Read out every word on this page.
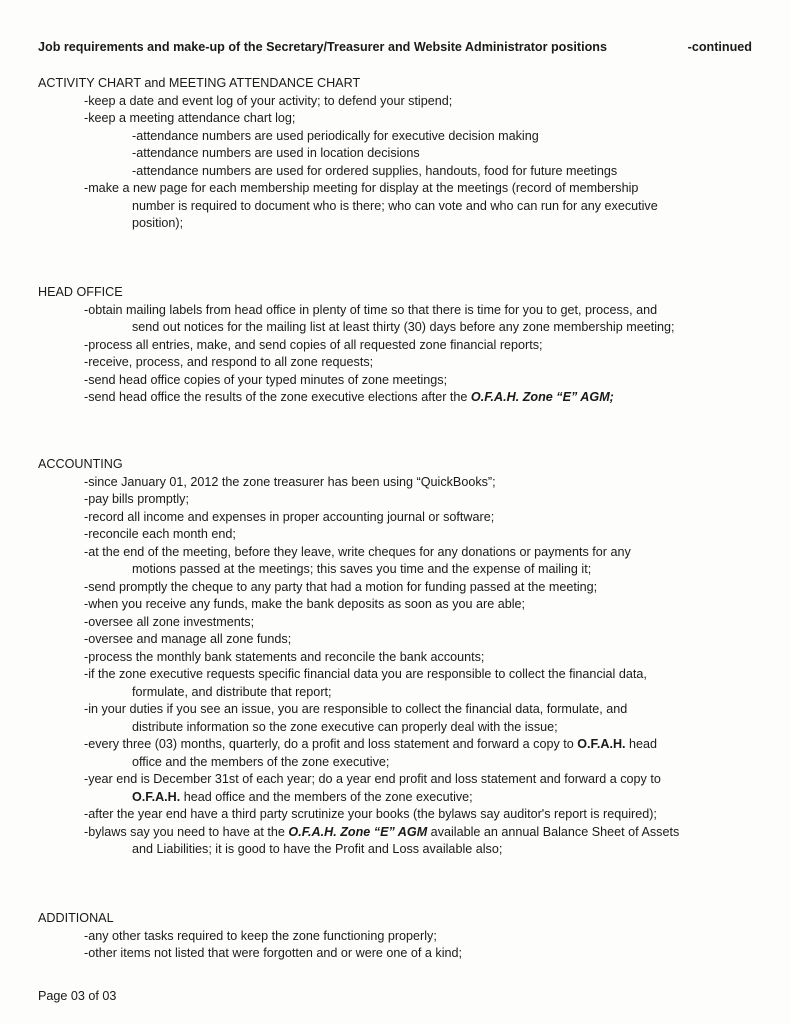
Job requirements and make-up of the Secretary/Treasurer and Website Administrator positions	-continued
ACTIVITY CHART and MEETING ATTENDANCE CHART
-keep a date and event log of your activity; to defend your stipend;
-keep a meeting attendance chart log;
-attendance numbers are used periodically for executive decision making
-attendance numbers are used in location decisions
-attendance numbers are used for ordered supplies, handouts, food for future meetings
-make a new page for each membership meeting for display at the meetings (record of membership
number is required to document who is there; who can vote and who can run for any executive
position);
HEAD OFFICE
-obtain mailing labels from head office in plenty of time so that there is time for you to get, process, and
send out notices for the mailing list at least thirty (30) days before any zone membership meeting;
-process all entries, make, and send copies of all requested zone financial reports;
-receive, process, and respond to all zone requests;
-send head office copies of your typed minutes of zone meetings;
-send head office the results of the zone executive elections after the O.F.A.H. Zone “E” AGM;
ACCOUNTING
-since January 01, 2012 the zone treasurer has been using “QuickBooks”;
-pay bills promptly;
-record all income and expenses in proper accounting journal or software;
-reconcile each month end;
-at the end of the meeting, before they leave, write cheques for any donations or payments for any
motions passed at the meetings; this saves you time and the expense of mailing it;
-send promptly the cheque to any party that had a motion for funding passed at the meeting;
-when you receive any funds, make the bank deposits as soon as you are able;
-oversee all zone investments;
-oversee and manage all zone funds;
-process the monthly bank statements and reconcile the bank accounts;
-if the zone executive requests specific financial data you are responsible to collect the financial data,
formulate, and distribute that report;
-in your duties if you see an issue, you are responsible to collect the financial data, formulate, and
distribute information so the zone executive can properly deal with the issue;
-every three (03) months, quarterly, do a profit and loss statement and forward a copy to O.F.A.H. head
office and the members of the zone executive;
-year end is December 31st of each year; do a year end profit and loss statement and forward a copy to
O.F.A.H. head office and the members of the zone executive;
-after the year end have a third party scrutinize your books (the bylaws say auditor's report is required);
-bylaws say you need to have at the O.F.A.H. Zone “E” AGM available an annual Balance Sheet of Assets
and Liabilities; it is good to have the Profit and Loss available also;
ADDITIONAL
-any other tasks required to keep the zone functioning properly;
-other items not listed that were forgotten and or were one of a kind;
Page 03 of 03
